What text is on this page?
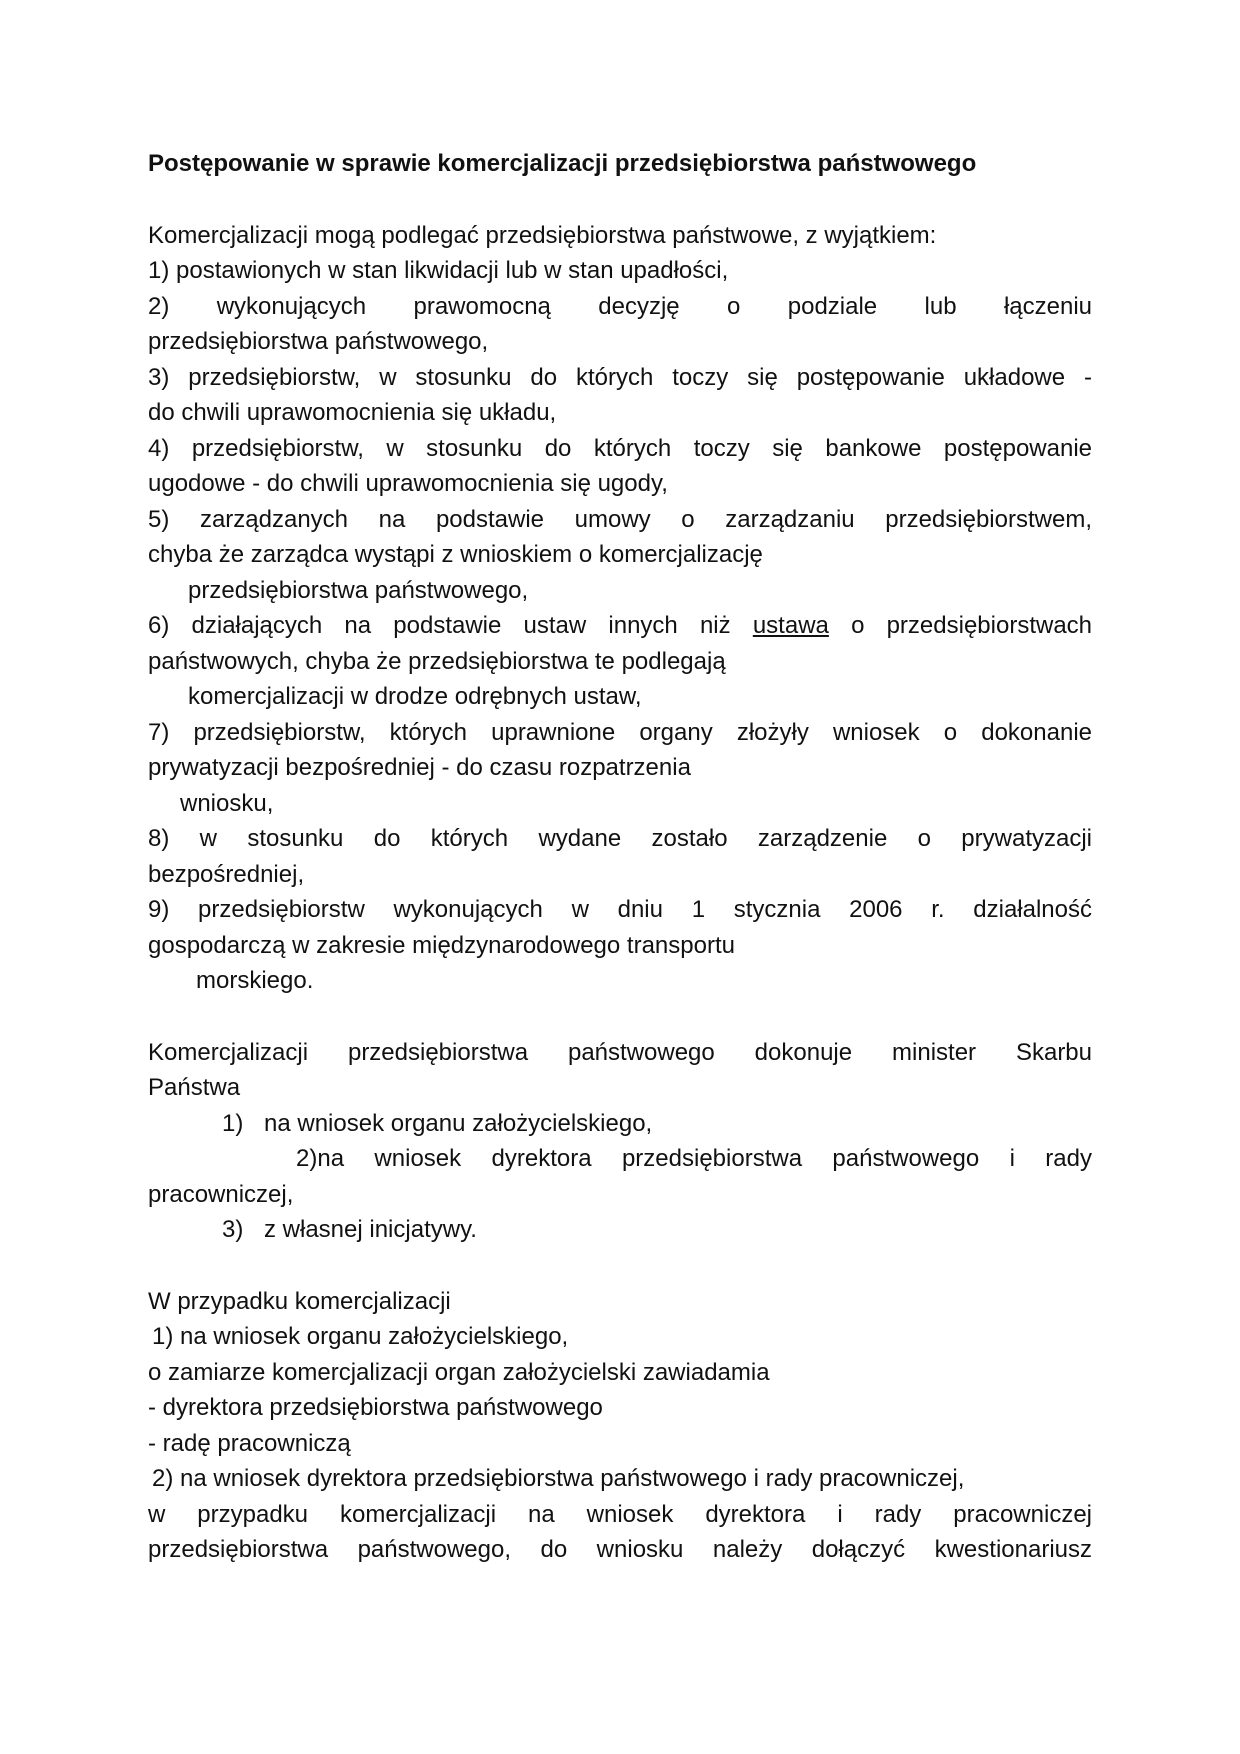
Postępowanie w sprawie komercjalizacji przedsiębiorstwa państwowego

Komercjalizacji mogą podlegać przedsiębiorstwa państwowe, z wyjątkiem:

1) postawionych w stan likwidacji lub w stan upadłości,

2) wykonujących prawomocną decyzję o podziale lub łączeniu

przedsiębiorstwa państwowego,

3) przedsiębiorstw, w stosunku do których toczy się postępowanie układowe -

do chwili uprawomocnienia się układu,

4) przedsiębiorstw, w stosunku do których toczy się bankowe postępowanie

ugodowe - do chwili uprawomocnienia się ugody,

5) zarządzanych na podstawie umowy o zarządzaniu przedsiębiorstwem,

chyba że zarządca wystąpi z wnioskiem o komercjalizację

przedsiębiorstwa państwowego,

6) działających na podstawie ustaw innych niż ustawa o przedsiębiorstwach

państwowych, chyba że przedsiębiorstwa te podlegają

komercjalizacji w drodze odrębnych ustaw,

7) przedsiębiorstw, których uprawnione organy złożyły wniosek o dokonanie

prywatyzacji bezpośredniej - do czasu rozpatrzenia

wniosku,

8) w stosunku do których wydane zostało zarządzenie o prywatyzacji

bezpośredniej,

9) przedsiębiorstw wykonujących w dniu 1 stycznia 2006 r. działalność

gospodarczą w zakresie międzynarodowego transportu

morskiego.

Komercjalizacji przedsiębiorstwa państwowego dokonuje minister Skarbu

Państwa

1) na wniosek organu założycielskiego,

2)na wniosek dyrektora przedsiębiorstwa państwowego i rady

pracowniczej,

3) z własnej inicjatywy.

W przypadku komercjalizacji

1) na wniosek organu założycielskiego,

o zamiarze komercjalizacji organ założycielski zawiadamia

- dyrektora przedsiębiorstwa państwowego

- radę pracowniczą

2) na wniosek dyrektora przedsiębiorstwa państwowego i rady pracowniczej,

w przypadku komercjalizacji na wniosek dyrektora i rady pracowniczej

przedsiębiorstwa państwowego, do wniosku należy dołączyć kwestionariusz
